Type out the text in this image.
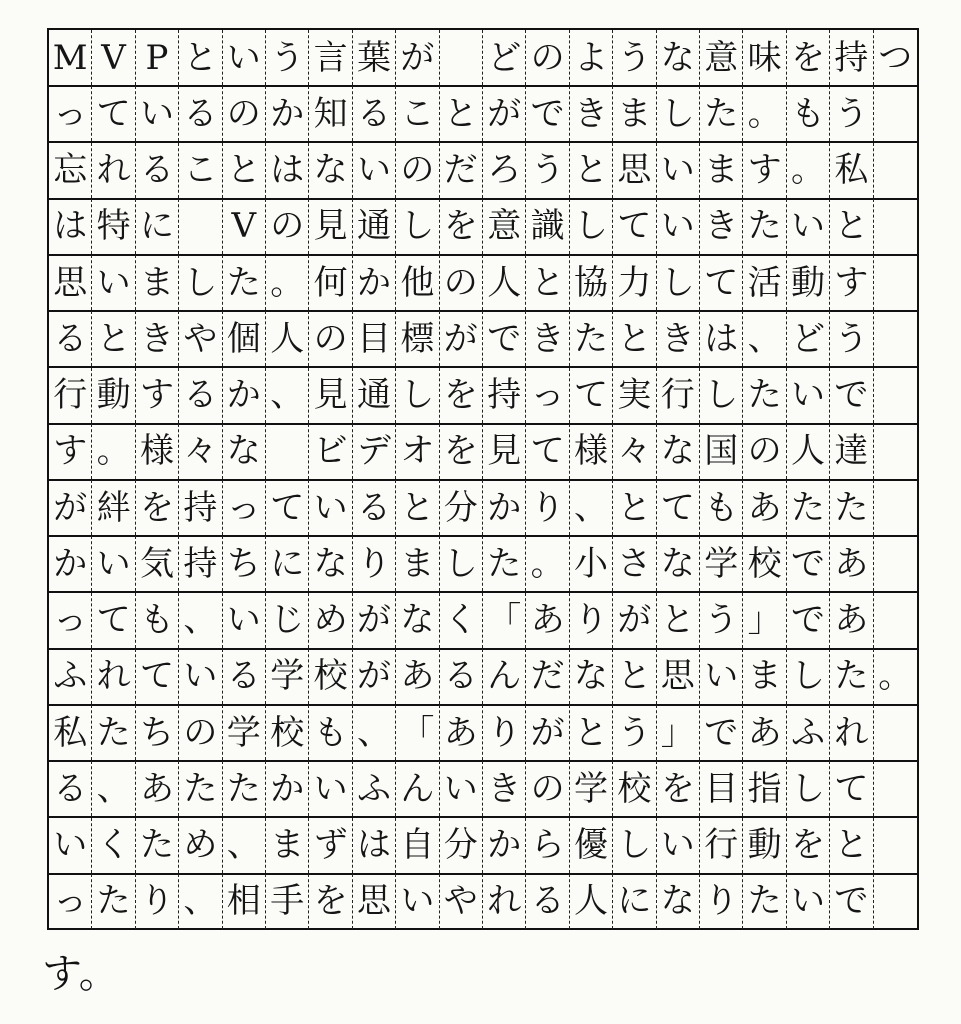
M V P と い う 言 葉 が ど の よ う な 意 味 を 持 つ
っ て い る の か 知 る こ と が で き ま し た 。 も う
忘 れ る こ と は な い の だ ろ う と 思 い ま す 。 私
は 特 に V の 見 通 し を 意 識 し て い き た い と
思 い ま し た 。 何 か 他 の 人 と 協 力 し て 活 動 す
る と き や 個 人 の 目 標 が で き た と き は 、 ど う
行 動 す る か 、 見 通 し を 持 っ て 実 行 し た い で
す 。 様 々 な ビ デ オ を 見 て 様 々 な 国 の 人 達
が 絆 を 持 っ て い る と 分 か り 、 と て も あ た た
か い 気 持 ち に な り ま し た 。 小 さ な 学 校 で あ
っ て も 、 い じ め が な く 「 あ り が と う 」 で あ
ふ れ て い る 学 校 が あ る ん だ な と 思 い ま し た 。
私 た ち の 学 校 も 、 「 あ り が と う 」 で あ ふ れ
る 、 あ た た か い ふ ん い き の 学 校 を 目 指 し て
い く た め 、 ま ず は 自 分 か ら 優 し い 行 動 を と
っ た り 、 相 手 を 思 い や れ る 人 に な り た い で
す。
